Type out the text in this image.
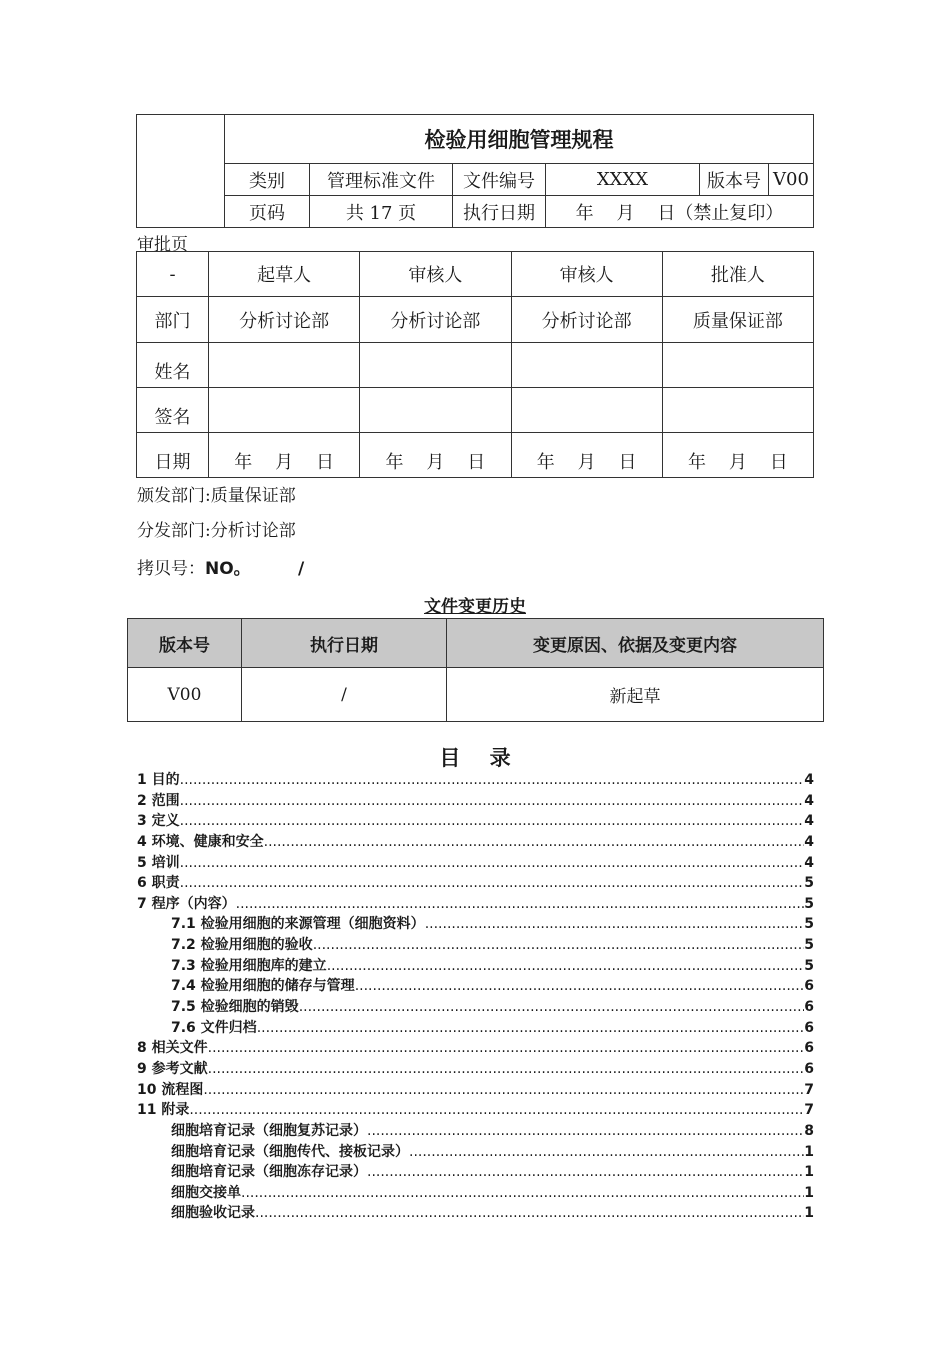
	检验用细胞管理规程					
	类别	管理标准文件	文件编号	XXXX	版本号	V00
	页码	共 17 页	执行日期	年    月    日（禁止复印）		
审批页
-	起草人	审核人	审核人	批准人
部门	分析讨论部	分析讨论部	分析讨论部	质量保证部
姓名				
签名				
日期	年    月    日	年    月    日	年    月    日	年    月    日
颁发部门:质量保证部
分发部门:分析讨论部
拷贝号：NO。        /
文件变更历史
版本号	执行日期	变更原因、依据及变更内容
V00	/	新起草
目    录
1 目的 .....	4
2 范围 .....	4
3 定义 .....	4
4 环境、健康和安全 .....	4
5 培训 .....	4
6 职责 .....	5
7 程序（内容） .....	5
7.1 检验用细胞的来源管理（细胞资料） .....	5
7.2 检验用细胞的验收 .....	5
7.3 检验用细胞库的建立 .....	5
7.4 检验用细胞的储存与管理 .....	6
7.5 检验细胞的销毁 .....	6
7.6 文件归档 .....	6
8 相关文件 .....	6
9 参考文献 .....	6
10 流程图 .....	7
11 附录 .....	7
细胞培育记录（细胞复苏记录） .....	8
细胞培育记录（细胞传代、接板记录） .....	1
细胞培育记录（细胞冻存记录） .....	1
细胞交接单 .....	1
细胞验收记录 .....	1
